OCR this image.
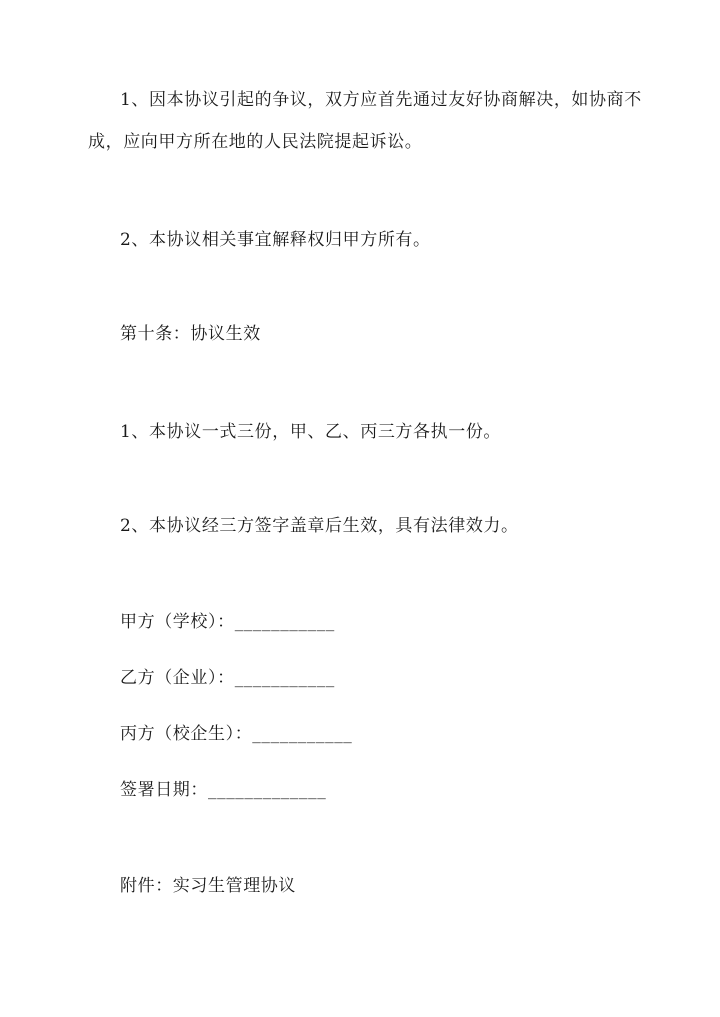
1、因本协议引起的争议，双方应首先通过友好协商解决，如协商不
成，应向甲方所在地的人民法院提起诉讼。
2、本协议相关事宜解释权归甲方所有。
第十条：协议生效
1、本协议一式三份，甲、乙、丙三方各执一份。
2、本协议经三方签字盖章后生效，具有法律效力。
甲方（学校）：___________
乙方（企业）：___________
丙方（校企生）：___________
签署日期：_____________
附件：实习生管理协议
